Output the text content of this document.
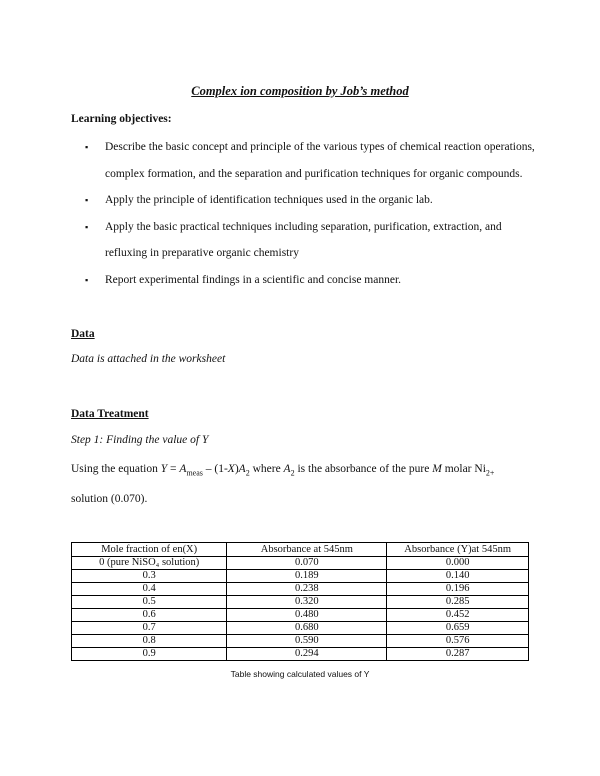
Complex ion composition by Job’s method
Learning objectives:
▪ Describe the basic concept and principle of the various types of chemical reaction operations, complex formation, and the separation and purification techniques for organic compounds.
▪ Apply the principle of identification techniques used in the organic lab.
▪ Apply the basic practical techniques including separation, purification, extraction, and refluxing in preparative organic chemistry
▪ Report experimental findings in a scientific and concise manner.
Data
Data is attached in the worksheet
Data Treatment
Step 1: Finding the value of Y
Using the equation $Y = A_{meas} - (1-X)A_2$ where $A_2$ is the absorbance of the pure M molar $Ni_{2+}$
solution (0.070).
Mole fraction of en(X)	Absorbance at 545nm	Absorbance (Y)at 545nm
0 (pure NiSO₄ solution)	0.070	0.000
0.3	0.189	0.140
0.4	0.238	0.196
0.5	0.320	0.285
0.6	0.480	0.452
0.7	0.680	0.659
0.8	0.590	0.576
0.9	0.294	0.287
Table showing calculated values of Y
